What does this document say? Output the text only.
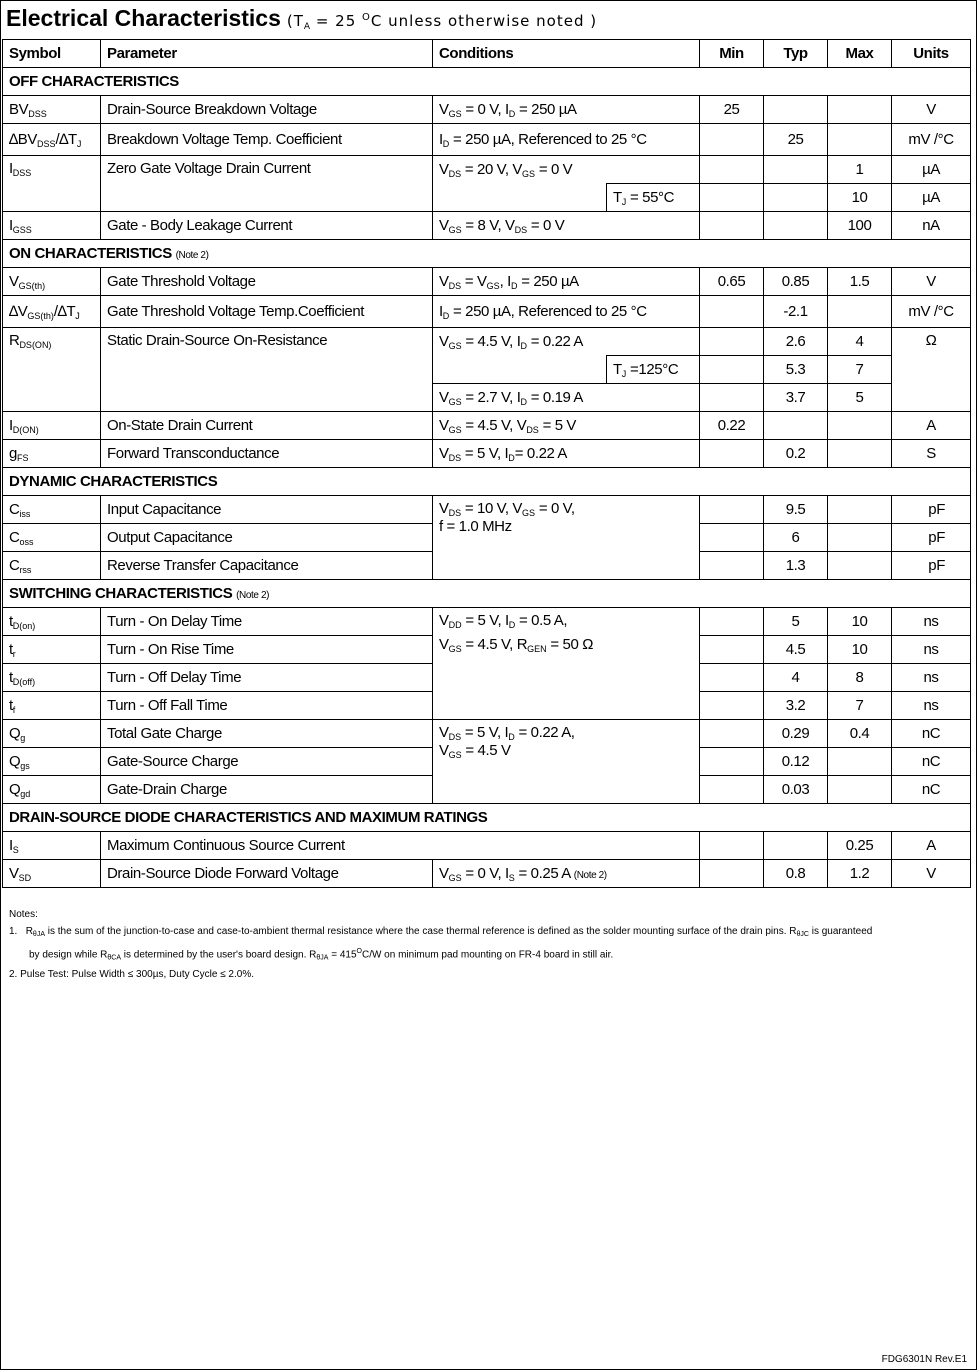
Electrical Characteristics ($T_A = 25$ $^O$C unless otherwise noted )
Symbol	Parameter	Conditions		Min	Typ	Max	Units
OFF CHARACTERISTICS							
$BV_{DSS}$	Drain-Source Breakdown Voltage	$V_{GS} = 0$ V, $I_D = 250$ µA		25			V
$\Delta BV_{DSS}/\Delta T_J$	Breakdown Voltage Temp. Coefficient	$I_D = 250$ µA, Referenced to 25 °C			25		mV /°C
$I_{DSS}$	Zero Gate Voltage Drain Current	$V_{DS} = 20$ V, $V_{GS} = 0$ V				1	µA
			$T_J = 55^\circ C$			10	µA
$I_{GSS}$	Gate - Body Leakage Current	$V_{GS} = 8$ V, $V_{DS} = 0$ V				100	nA
ON CHARACTERISTICS (Note 2)							
$V_{GS(th)}$	Gate Threshold Voltage	$V_{DS} = V_{GS}$, $I_D = 250$ µA		0.65	0.85	1.5	V
$\Delta V_{GS(th)}/\Delta T_J$	Gate Threshold Voltage Temp.Coefficient	$I_D = 250$ µA, Referenced to 25 °C			-2.1		mV /°C
$R_{DS(ON)}$	Static Drain-Source On-Resistance	$V_{GS} = 4.5$ V, $I_D = 0.22$ A			2.6	4	Ω
			$T_J =125^\circ C$		5.3	7	
		$V_{GS} = 2.7$ V, $I_D = 0.19$ A			3.7	5	
$I_{D(ON)}$	On-State Drain Current	$V_{GS} = 4.5$ V, $V_{DS} = 5$ V		0.22			A
$g_{FS}$	Forward Transconductance	$V_{DS} = 5$ V, $I_D= 0.22$ A			0.2		S
DYNAMIC CHARACTERISTICS							
$C_{iss}$	Input Capacitance	$V_{DS} = 10$ V, $V_{GS} = 0$ V,
f = 1.0 MHz			9.5		pF
$C_{oss}$	Output Capacitance				6		pF
$C_{rss}$	Reverse Transfer Capacitance				1.3		pF
SWITCHING CHARACTERISTICS (Note 2)							
$t_{D(on)}$	Turn - On Delay Time	$V_{DD} = 5$ V, $I_D = 0.5$ A,
$V_{GS} = 4.5$ V, $R_{GEN} = 50$ Ω			5	10	ns
$t_r$	Turn - On Rise Time				4.5	10	ns
$t_{D(off)}$	Turn - Off Delay Time				4	8	ns
$t_f$	Turn - Off Fall Time				3.2	7	ns
$Q_g$	Total Gate Charge	$V_{DS} = 5$ V, $I_D = 0.22$ A,
$V_{GS} = 4.5$ V			0.29	0.4	nC
$Q_{gs}$	Gate-Source Charge				0.12		nC
$Q_{gd}$	Gate-Drain Charge				0.03		nC
DRAIN-SOURCE DIODE CHARACTERISTICS AND MAXIMUM RATINGS							
$I_S$	Maximum Continuous Source Current					0.25	A
$V_{SD}$	Drain-Source Diode Forward Voltage	$V_{GS} = 0$ V, $I_S = 0.25$ A (Note 2)			0.8	1.2	V
Notes:
1. $R_{\theta JA}$ is the sum of the junction-to-case and case-to-ambient thermal resistance where the case thermal reference is defined as the solder mounting surface of the drain pins. $R_{\theta JC}$ is guaranteed
by design while $R_{\theta CA}$ is determined by the user's board design. $R_{\theta JA} = 415^OC/W$ on minimum pad mounting on FR-4 board in still air.
2. Pulse Test: Pulse Width ≤ 300µs, Duty Cycle ≤ 2.0%.
FDG6301N Rev.E1
